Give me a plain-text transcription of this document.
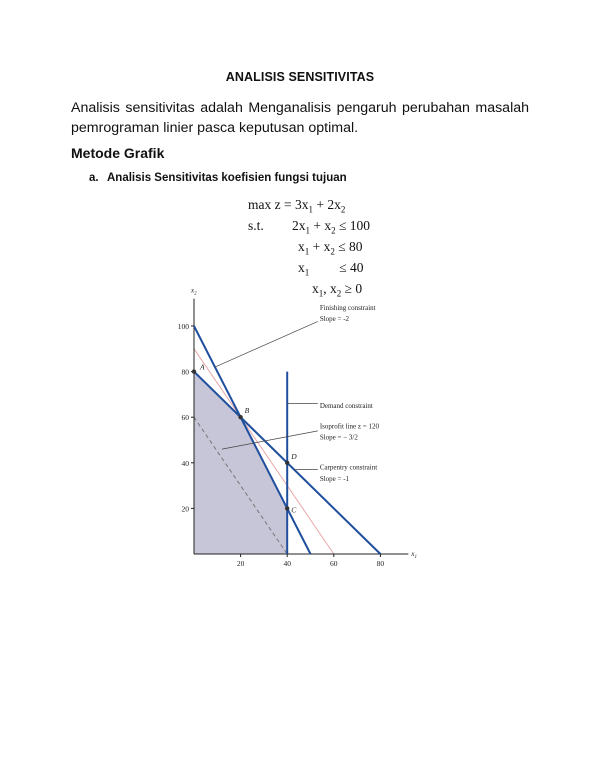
ANALISIS SENSITIVITAS
Analisis sensitivitas adalah Menganalisis pengaruh perubahan masalah
pemrograman linier pasca keputusan optimal.
Metode Grafik
a. Analisis Sensitivitas koefisien fungsi tujuan
$\max z = 3x_1 + 2x_2$
s.t. $2x_1 + x_2 \le 100$
$x_1 + x_2 \le 80$
$x_1 \le 40$
$x_1$, $x_2 \ge 0$
20
40
60
80
100
20	40	60	80
$x_2$
$x_1$
A
B
C
D
Finishing constraint
Slope = -2
Demand constraint
Isoprofit line z = 120
Slope = − 3/2
Carpentry constraint
Slope = -1
